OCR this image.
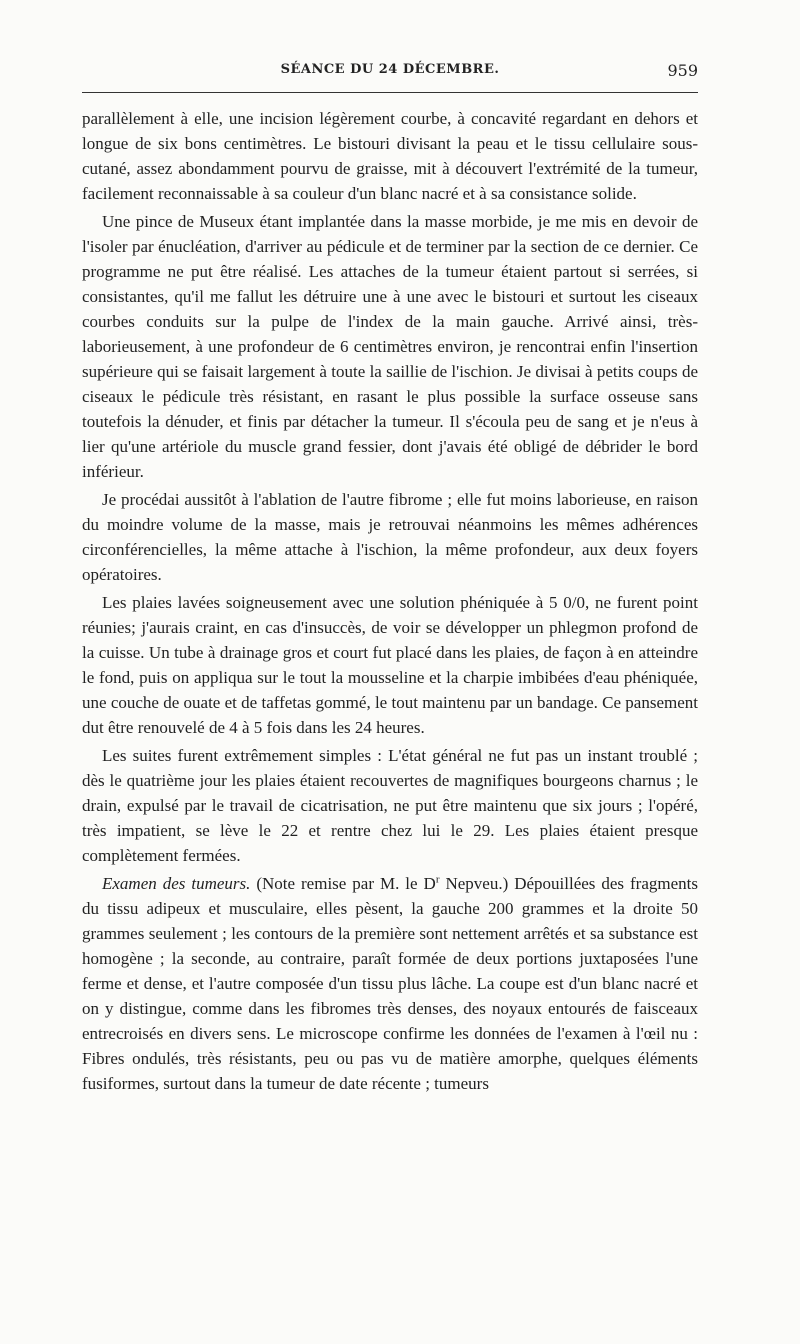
SÉANCE DU 24 DÉCEMBRE.	959

parallèlement à elle, une incision légèrement courbe, à concavité regardant en dehors et longue de six bons centimètres. Le bistouri divisant la peau et le tissu cellulaire sous-cutané, assez abondamment pourvu de graisse, mit à découvert l'extrémité de la tumeur, facilement reconnaissable à sa couleur d'un blanc nacré et à sa consistance solide.

Une pince de Museux étant implantée dans la masse morbide, je me mis en devoir de l'isoler par énucléation, d'arriver au pédicule et de terminer par la section de ce dernier. Ce programme ne put être réalisé. Les attaches de la tumeur étaient partout si serrées, si consistantes, qu'il me fallut les détruire une à une avec le bistouri et surtout les ciseaux courbes conduits sur la pulpe de l'index de la main gauche. Arrivé ainsi, très-laborieusement, à une profondeur de 6 centimètres environ, je rencontrai enfin l'insertion supérieure qui se faisait largement à toute la saillie de l'ischion. Je divisai à petits coups de ciseaux le pédicule très résistant, en rasant le plus possible la surface osseuse sans toutefois la dénuder, et finis par détacher la tumeur. Il s'écoula peu de sang et je n'eus à lier qu'une artériole du muscle grand fessier, dont j'avais été obligé de débrider le bord inférieur.

Je procédai aussitôt à l'ablation de l'autre fibrome ; elle fut moins laborieuse, en raison du moindre volume de la masse, mais je retrouvai néanmoins les mêmes adhérences circonférencielles, la même attache à l'ischion, la même profondeur, aux deux foyers opératoires.

Les plaies lavées soigneusement avec une solution phéniquée à 5 0/0, ne furent point réunies; j'aurais craint, en cas d'insuccès, de voir se développer un phlegmon profond de la cuisse. Un tube à drainage gros et court fut placé dans les plaies, de façon à en atteindre le fond, puis on appliqua sur le tout la mousseline et la charpie imbibées d'eau phéniquée, une couche de ouate et de taffetas gommé, le tout maintenu par un bandage. Ce pansement dut être renouvelé de 4 à 5 fois dans les 24 heures.

Les suites furent extrêmement simples : L'état général ne fut pas un instant troublé ; dès le quatrième jour les plaies étaient recouvertes de magnifiques bourgeons charnus ; le drain, expulsé par le travail de cicatrisation, ne put être maintenu que six jours ; l'opéré, très impatient, se lève le 22 et rentre chez lui le 29. Les plaies étaient presque complètement fermées.

Examen des tumeurs. (Note remise par M. le $D^r$ Nepveu.) Dépouillées des fragments du tissu adipeux et musculaire, elles pèsent, la gauche 200 grammes et la droite 50 grammes seulement ; les contours de la première sont nettement arrêtés et sa substance est homogène ; la seconde, au contraire, paraît formée de deux portions juxtaposées l'une ferme et dense, et l'autre composée d'un tissu plus lâche. La coupe est d'un blanc nacré et on y distingue, comme dans les fibromes très denses, des noyaux entourés de faisceaux entrecroisés en divers sens. Le microscope confirme les données de l'examen à l'œil nu : Fibres ondulés, très résistants, peu ou pas vu de matière amorphe, quelques éléments fusiformes, surtout dans la tumeur de date récente ; tumeurs
